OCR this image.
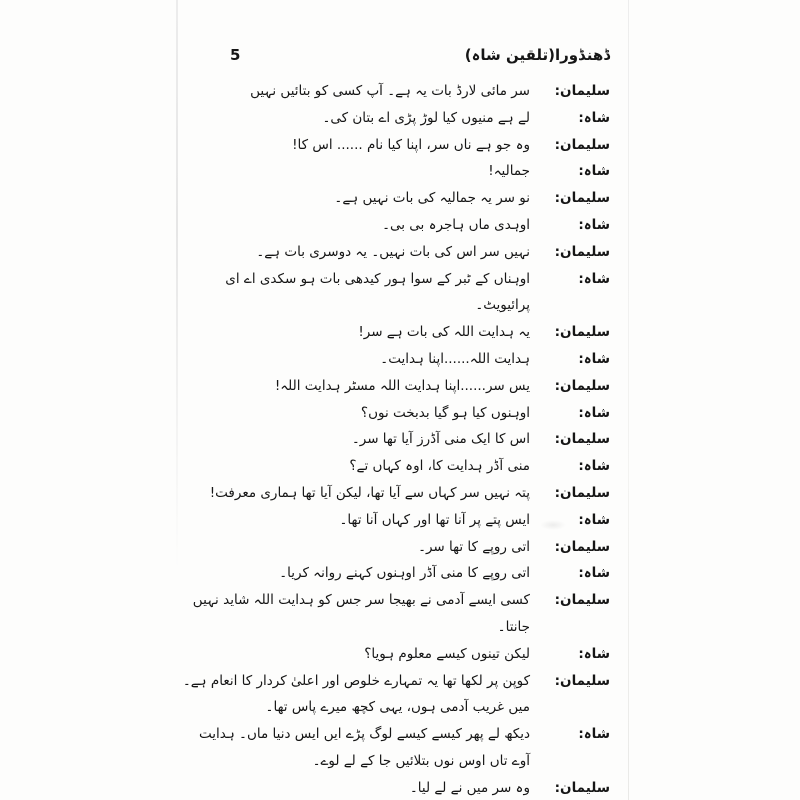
ڈھنڈورا(تلقین شاہ)
5
سلیمان:
سر مائی لارڈ بات یہ ہے۔ آپ کسی کو بتائیں نہیں
شاہ:
لے ہے منیوں کیا لوڑ پڑی اے بتان کی۔
سلیمان:
وہ جو ہے ناں سر، اپنا کیا نام ...... اس کا!
شاہ:
جمالیہ!
سلیمان:
نو سر یہ جمالیہ کی بات نہیں ہے۔
شاہ:
اوہدی ماں ہاجرہ بی بی۔
سلیمان:
نہیں سر اس کی بات نہیں۔ یہ دوسری بات ہے۔
شاہ:
اوہناں کے ٹبر کے سوا ہور کیدھی بات ہو سکدی اے ای پرائیویٹ۔
سلیمان:
یہ ہدایت اللہ کی بات ہے سر!
شاہ:
ہدایت اللہ......اپنا ہدایت۔
سلیمان:
یس سر......اپنا ہدایت اللہ مسٹر ہدایت اللہ!
شاہ:
اوہنوں کیا ہو گیا بدبخت نوں؟
سلیمان:
اس کا ایک منی آڈرز آیا تھا سر۔
شاہ:
منی آڈر ہدایت کا، اوہ کہاں تے؟
سلیمان:
پتہ نہیں سر کہاں سے آیا تھا، لیکن آیا تھا ہماری معرفت!
شاہ:
ایس پتے پر آنا تھا اور کہاں آنا تھا۔
سلیمان:
اتی روپے کا تھا سر۔
شاہ:
اتی روپے کا منی آڈر اوہنوں کہنے روانہ کریا۔
سلیمان:
کسی ایسے آدمی نے بھیجا سر جس کو ہدایت اللہ شاید نہیں جانتا۔
شاہ:
لیکن تینوں کیسے معلوم ہویا؟
سلیمان:
کوپن پر لکھا تھا یہ تمہارے خلوص اور اعلیٰ کردار کا انعام ہے۔ میں غریب آدمی ہوں، یہی کچھ میرے پاس تھا۔
شاہ:
دیکھ لے پھر کیسے کیسے لوگ پڑے ایں ایس دنیا ماں۔ ہدایت آوے تاں اوس نوں بتلائیں جا کے لے لوے۔
سلیمان:
وہ سر میں نے لے لیا۔
